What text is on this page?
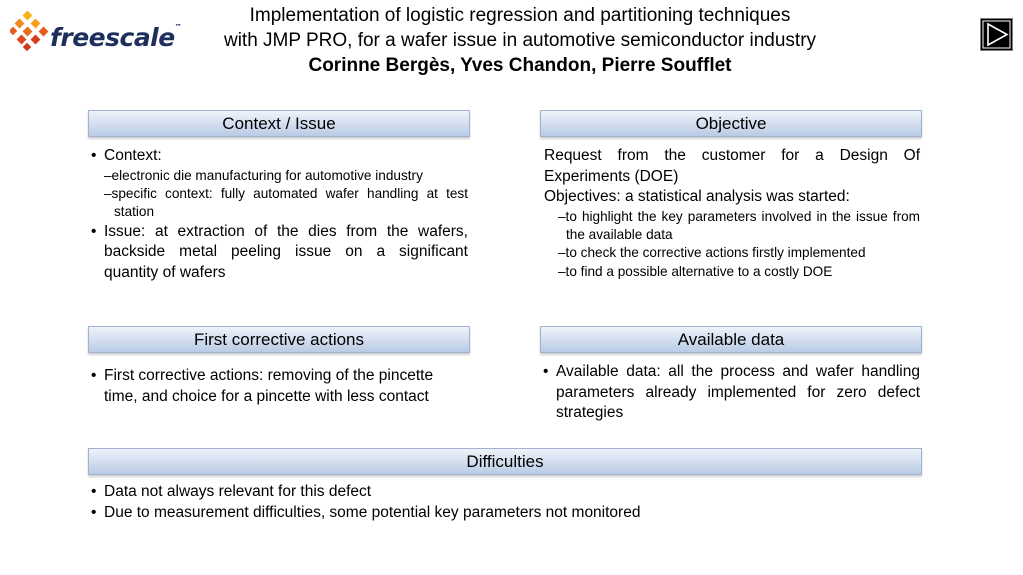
freescale™
Implementation of logistic regression and partitioning techniques
with JMP PRO, for a wafer issue in automotive semiconductor industry
Corinne Bergès, Yves Chandon, Pierre Soufflet
Context / Issue
• Context:
–electronic die manufacturing for automotive industry
–specific context: fully automated wafer handling at test station
• Issue: at extraction of the dies from the wafers, backside metal peeling issue on a significant quantity of wafers
Objective
Request from the customer for a Design Of Experiments (DOE)
Objectives: a statistical analysis was started:
–to highlight the key parameters involved in the issue from the available data
–to check the corrective actions firstly implemented
–to find a possible alternative to a costly DOE
First corrective actions
• First corrective actions: removing of the pincette time, and choice for a pincette with less contact
Available data
• Available data: all the process and wafer handling parameters already implemented for zero defect strategies
Difficulties
• Data not always relevant for this defect
• Due to measurement difficulties, some potential key parameters not monitored
